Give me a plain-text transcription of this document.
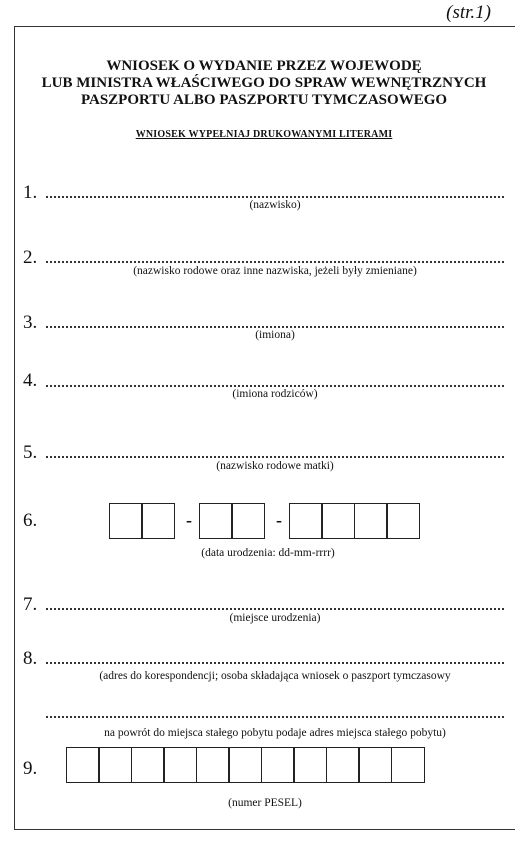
(str.1)
WNIOSEK O WYDANIE PRZEZ WOJEWODĘ
LUB MINISTRA WŁAŚCIWEGO DO SPRAW WEWNĘTRZNYCH
PASZPORTU ALBO PASZPORTU TYMCZASOWEGO
WNIOSEK WYPEŁNIAJ DRUKOWANYMI LITERAMI
1.
(nazwisko)
2.
(nazwisko rodowe oraz inne nazwiska, jeżeli były zmieniane)
3.
(imiona)
4.
(imiona rodziców)
5.
(nazwisko rodowe matki)
6.	-	-
(data urodzenia: dd-mm-rrrr)
7.
(miejsce urodzenia)
8.
(adres do korespondencji; osoba składająca wniosek o paszport tymczasowy
na powrót do miejsca stałego pobytu podaje adres miejsca stałego pobytu)
9.
(numer PESEL)
